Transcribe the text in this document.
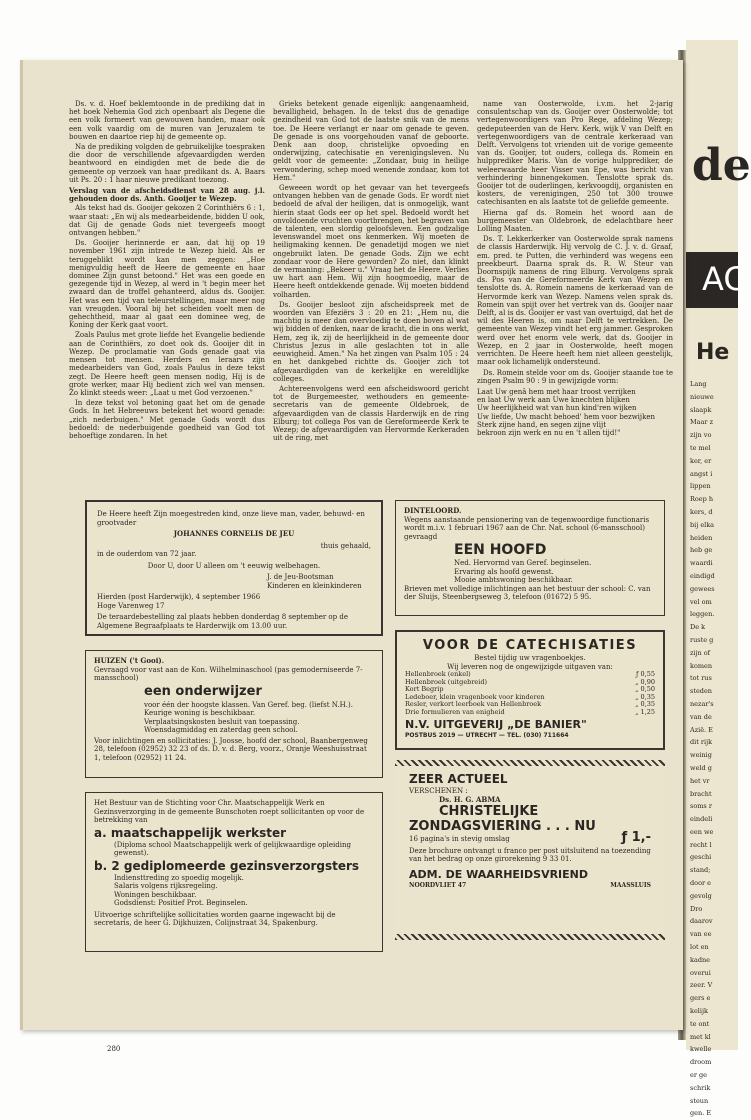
de
AC
He
Lang
nieuwe
slaapk
Maar z
zijn vo
te mel
ker, er
angst i
lippen
Roep h
kers, d
bij elka
heiden
heb ge
waardi
eindigd
gewees
vel om
leggen.
De k
ruste g
zijn of
komen
tot rus
steden
nezar's
van de
Azië. E
dit rijk
weinig
weld g
het vr
bracht
soms r
eindeli
een we
recht l
geschi
stand;
door e
gevolg
Dro
daarov
van ee
lot en
kadne
overui
zeer. V
gers e
kelijk
te ont
met kl
kwelle
droom
er ge
schrik
steun
gen. E

Ds. v. d. Hoef beklemtoonde in de prediking dat in het boek Nehemia God zich openbaart als Degene die een volk formeert van gewouwen handen, maar ook een volk vaardig om de muren van Jeruzalem te bouwen en daartoe riep hij de gemeente op.

Na de prediking volgden de gebruikelijke toespraken die door de verschillende afgevaardigden werden beantwoord en eindigden met de bede die de gemeente op verzoek van haar predikant ds. A. Baars uit Ps. 20 : 1 haar nieuwe predikant toezong.

Verslag van de afscheidsdienst van 28 aug. j.l. gehouden door ds. Anth. Gooijer te Wezep.

Als tekst had ds. Gooijer gekozen 2 Corinthiërs 6 : 1, waar staat: „En wij als medearbeidende, bidden U ook, dat Gij de genade Gods niet tevergeefs moogt ontvangen hebben."

Ds. Gooijer herinnerde er aan, dat hij op 19 november 1961 zijn intrede te Wezep hield. Als er teruggeblikt wordt kan men zeggen: „Hoe menigvuldig heeft de Heere de gemeente en haar dominee Zijn gunst betoond." Het was een goede en gezegende tijd in Wezep, al werd in 't begin meer het zwaard dan de troffel gehanteerd, aldus ds. Gooijer. Het was een tijd van teleurstellingen, maar meer nog van vreugden. Vooral bij het scheiden voelt men de gehechtheid, maar al gaat een dominee weg, de Koning der Kerk gaat voort.

Zoals Paulus met grote liefde het Evangelie bediende aan de Corinthiërs, zo doet ook ds. Gooijer dit in Wezep. De proclamatie van Gods genade gaat via mensen tot mensen. Herders en leraars zijn medearbeiders van God, zoals Paulus in deze tekst zegt. De Heere heeft geen mensen nodig, Hij is de grote werker, maar Hij bedient zich wel van mensen. Zo klinkt steeds weer: „Laat u met God verzoenen."

In deze tekst vol betoning gaat het om de genade Gods. In het Hebreeuws betekent het woord genade: „zich nederbuigen." Met genade Gods wordt dus bedoeld: de nederbuigende goedheid van God tot behoeftige zondaren. In het

Grieks betekent genade eigenlijk: aangenaamheid, bevalligheid, behagen. In de tekst dus de genadige gezindheid van God tot de laatste snik van de mens toe. De Heere verlangt er naar om genade te geven. De genade is ons voorgehouden vanaf de geboorte. Denk aan doop, christelijke opvoeding en onderwijzing, catechisatie en verenigingsleven. Nu geldt voor de gemeente: „Zondaar, buig in heilige verwondering, schep moed wenende zondaar, kom tot Hem."

Geweeen wordt op het gevaar van het tevergeefs ontvangen hebben van de genade Gods. Er wordt niet bedoeld de afval der heiligen, dat is onmogelijk, want hierin staat Gods eer op het spel. Bedoeld wordt het onvoldoende vruchten voortbrengen, het begraven van de talenten, een slordig geloofsleven. Een godzalige levenswandel moet ons kenmerken. Wij moeten de heiligmaking kennen. De genadetijd mogen we niet ongebruikt laten. De genade Gods. Zijn we echt zondaar voor de Here geworden? Zo niet, dan klinkt de vermaning: „Bekeer u." Vraag het de Heere. Verlies uw hart aan Hem. Wij zijn hoogmoedig, maar de Heere heeft ontdekkende genade. Wij moeten biddend volharden.

Ds. Gooijer besloot zijn afscheidspreek met de woorden van Efeziërs 3 : 20 en 21: „Hem nu, die machtig is meer dan overvloedig te doen boven al wat wij bidden of denken, naar de kracht, die in ons werkt, Hem, zeg ik, zij de heerlijkheid in de gemeente door Christus Jezus in alle geslachten tot in alle eeuwigheid. Amen." Na het zingen van Psalm 105 : 24 en het dankgebed richtte ds. Gooijer zich tot afgevaardigden van de kerkelijke en wereldlijke colleges.

Achtereenvolgens werd een afscheidswoord gericht tot de Burgemeester, wethouders en gemeente-secretaris van de gemeente Oldebroek, de afgevaardigden van de classis Harderwijk en de ring Elburg; tot collega Pos van de Gereformeerde Kerk te Wezep; de afgevaardigden van Hervormde Kerkeraden uit de ring, met

name van Oosterwolde, i.v.m. het 2-jarig consulentschap van ds. Gooijer over Oosterwolde; tot vertegenwoordigers van Pro Rege, afdeling Wezep; gedeputeerden van de Herv. Kerk, wijk V van Delft en vertegenwoordigers van de centrale kerkeraad van Delft. Vervolgens tot vrienden uit de vorige gemeente van ds. Gooijer, tot ouders, collega ds. Romein en hulpprediker Maris. Van de vorige hulpprediker, de weleerwaarde heer Visser van Epe, was bericht van verhindering binnengekomen. Tenslotte sprak ds. Gooijer tot de ouderlingen, kerkvoogdij, organisten en kosters, de verenigingen, 250 tot 300 trouwe catechisanten en als laatste tot de geliefde gemeente.

Hierna gaf ds. Romein het woord aan de burgemeester van Oldebroek, de edelachtbare heer Lolling Maaten.

Ds. T. Lekkerkerker van Oosterwolde sprak namens de classis Harderwijk. Hij vervolg de C. J. v. d. Graaf, em. pred. te Putten, die verhinderd was wegens een preekbeurt. Daarna sprak ds. R. W. Steur van Doornspijk namens de ring Elburg. Vervolgens sprak ds. Pos van de Gereformeerde Kerk van Wezep en tenslotte ds. A. Romein namens de kerkeraad van de Hervormde kerk van Wezep. Namens velen sprak ds. Romein van spijt over het vertrek van ds. Gooijer naar Delft, al is ds. Gooijer er vast van overtuigd, dat het de wil des Heeren is, om naar Delft te vertrekken. De gemeente van Wezep vindt het erg jammer. Gesproken werd over het enorm vele werk, dat ds. Gooijer in Wezep, en 2 jaar in Oosterwolde, heeft mogen verrichten. De Heere heeft hem niet alleen geestelijk, maar ook lichamelijk ondersteund.

Ds. Romein stelde voor om ds. Gooijer staande toe te zingen Psalm 90 : 9 in gewijzigde vorm:

Laat Uw genâ hem met haar troost verrijken
en laat Uw werk aan Uwe knechten blijken
Uw heerlijkheid wat van hun kind'ren wijken
Uw liefde, Uw macht behoed' hem voor bezwijken
Sterk zijne hand, en segen zijne vlijt
bekroon zijn werk en nu en 't allen tijd!"
De Heere heeft Zijn moegestreden kind, onze lieve man, vader, behuwd- en grootvader
JOHANNES CORNELIS DE JEU
thuis gehaald,
in de ouderdom van 72 jaar.
Door U, door U alleen om 't eeuwig welbehagen.
J. de Jeu-Bootsman
Kinderen en kleinkinderen
Hierden (post Harderwijk), 4 september 1966
Hoge Varenweg 17
De teraardebestelling zal plaats hebben donderdag 8 september op de Algemene Begraafplaats te Harderwijk om 13.00 uur.
DINTELOORD.
Wegens aanstaande pensionering van de tegenwoordige functionaris wordt m.i.v. 1 februari 1967 aan de Chr. Nat. school (6-mansschool) gevraagd
EEN HOOFD
Ned. Hervormd van Geref. beginselen.
Ervaring als hoofd gewenst.
Mooie ambtswoning beschikbaar.
Brieven met volledige inlichtingen aan het bestuur der school: C. van der Sluijs, Steenbergseweg 3, telefoon (01672) 5 95.
VOOR DE CATECHISATIES
Bestel tijdig uw vragenboekjes.
Wij leveren nog de ongewijzigde uitgaven van:
Hellenbroek (enkel)	ƒ 0,55
Hellenbroek (uitgebreid)	„ 0,90
Kort Begrip	„ 0,50
Ledeboer, klein vragenboek voor kinderen	„ 0,35
Resler, verkort leerboek van Hellenbroek	„ 0,35
Drie formulieren van enigheid	„ 1,25
N.V. UITGEVERIJ „DE BANIER"
POSTBUS 2019 — UTRECHT — TEL. (030) 711664
HUIZEN ('t Gooi).
Gevraagd voor vast aan de Kon. Wilhelminaschool (pas gemoderniseerde 7-mansschool)
een onderwijzer
voor één der hoogste klassen. Van Geref. beg. (liefst N.H.).
Keurige woning is beschikbaar.
Verplaatsingskosten besluit van toepassing.
Woensdagmiddag en zaterdag geen school.
Voor inlichtingen en sollicitaties: J. Joosse, hoofd der school, Baanbergenweg 28, telefoon (02952) 32 23 of ds. D. v. d. Berg, voorz., Oranje Weeshuisstraat 1, telefoon (02952) 11 24.
ZEER ACTUEEL
VERSCHENEN :
Ds. H. G. ABMA
CHRISTELIJKE
ZONDAGSVIERING . . . NU
16 pagina's in stevig omslag	ƒ 1,-
Deze brochure ontvangt u franco per post uitsluitend na toezending van het bedrag op onze girorekening 9 33 01.
ADM. DE WAARHEIDSVRIEND
NOORDVLIET 47	MAASSLUIS
Het Bestuur van de Stichting voor Chr. Maatschappelijk Werk en Gezinsverzorging in de gemeente Bunschoten roept sollicitanten op voor de betrekking van
a. maatschappelijk werkster
(Diploma school Maatschappelijk werk of gelijkwaardige opleiding gewenst).
b. 2 gediplomeerde gezinsverzorgsters
Indiensttreding zo spoedig mogelijk.
Salaris volgens rijksregeling.
Woningen beschikbaar.
Godsdienst: Positief Prot. Beginselen.
Uitvoerige schriftelijke sollicitaties worden gaarne ingewacht bij de secretaris, de heer G. Dijkhuizen, Colijnstraat 34, Spakenburg.
280
